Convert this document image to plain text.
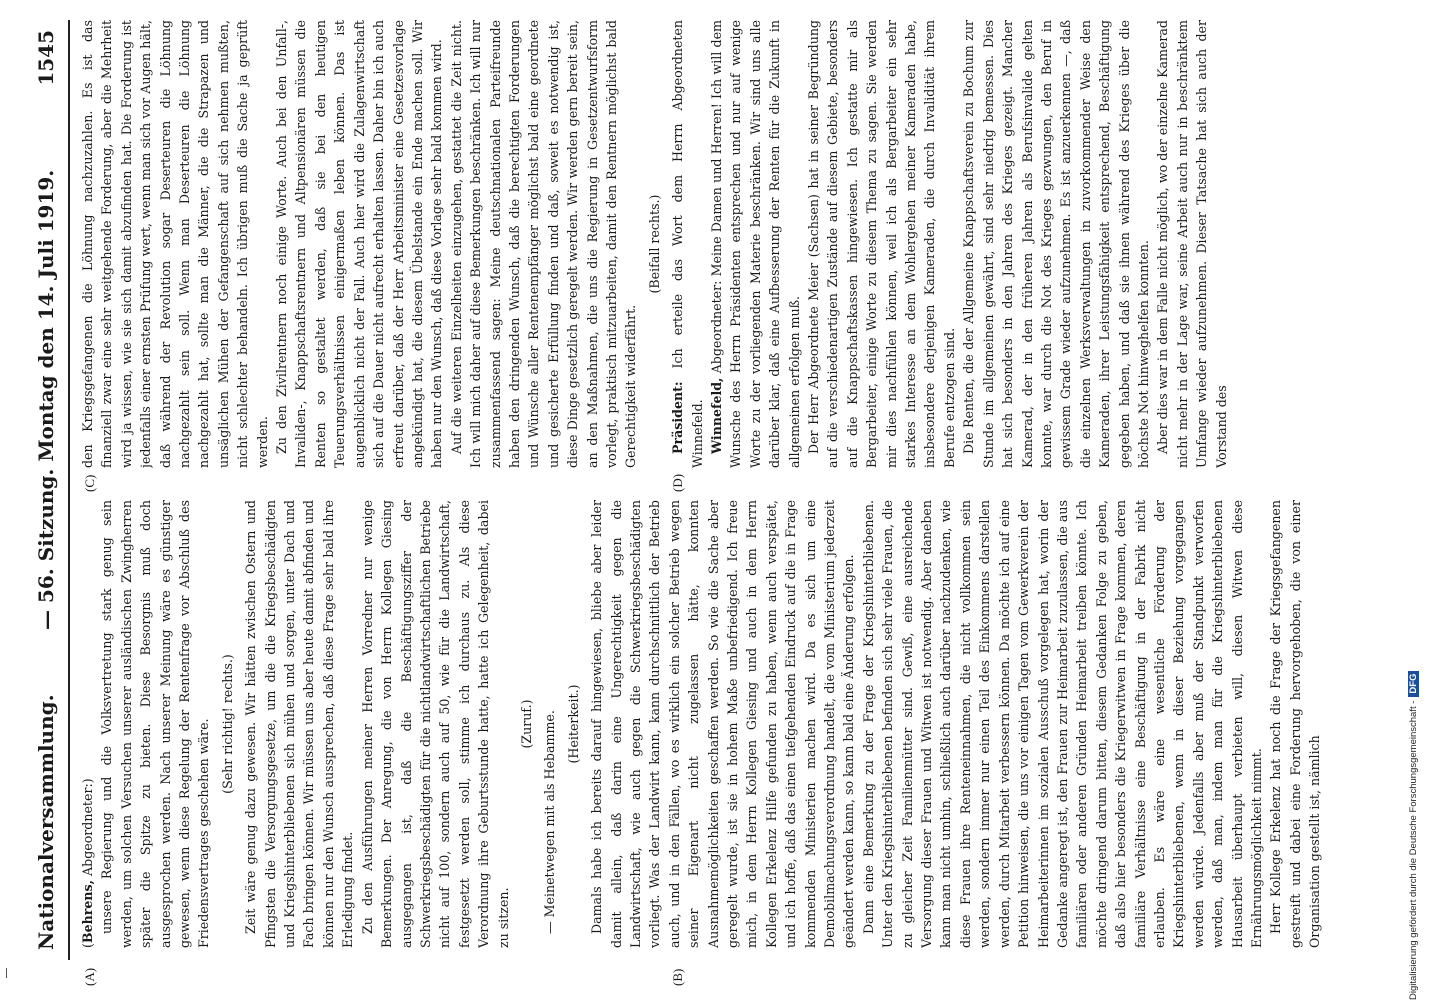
Nationalversammlung.
— 56. Sitzung. Montag den 14. Juli 1919.
1545
(A)	(B)
(C)	(D)

(Behrens, Abgeordneter:) unsere Regierung und die Volksvertretung stark genug sein werden, um solchen Versuchen unserer ausländischen Zwingherren später die Spitze zu bieten. Diese Besorgnis muß doch ausgesprochen werden. Nach unserer Meinung wäre es günstiger gewesen, wenn diese Regelung der Rentenfrage vor Abschluß des Friedensvertrages geschehen wäre. (Sehr richtig! rechts.) Zeit wäre genug dazu gewesen. Wir hätten zwischen Ostern und Pfingsten die Versorgungsgesetze, um die die Kriegsbeschädigten und Kriegshinterbliebenen sich mühen und sorgen, unter Dach und Fach bringen können. Wir müssen uns aber heute damit abfinden und können nur den Wunsch aussprechen, daß diese Frage sehr bald ihre Erledigung findet. Zu den Ausführungen meiner Herren Vorredner nur wenige Bemerkungen. Der Anregung, die von Herrn Kollegen Giesing ausgegangen ist, daß die Beschäftigungsziffer der Schwerkriegsbeschädigten für die nichtlandwirtschaftlichen Betriebe nicht auf 100, sondern auch auf 50, wie für die Landwirtschaft, festgesetzt werden soll, stimme ich durchaus zu. Als diese Verordnung ihre Geburtsstunde hatte, hatte ich Gelegenheit, dabei zu sitzen.

(Zuruf.) — Meinetwegen mit als Hebamme. (Heiterkeit.) Damals habe ich bereits darauf hingewiesen, bliebe aber leider damit allein, daß darin eine Ungerechtigkeit gegen die Landwirtschaft, wie auch gegen die Schwerkriegsbeschädigten vorliegt. Was der Landwirt kann, kann durchschnittlich der Betrieb auch, und in den Fällen, wo es wirklich ein solcher Betrieb wegen seiner Eigenart nicht zugelassen hätte, konnten Ausnahmemöglichkeiten geschaffen werden. So wie die Sache aber geregelt wurde, ist sie in hohem Maße unbefriedigend. Ich freue mich, in dem Herrn Kollegen Giesing und auch in dem Herrn Kollegen Erkelenz Hilfe gefunden zu haben, wenn auch verspätet, und ich hoffe, daß das einen tiefgehenden Eindruck auf die in Frage kommenden Ministerien machen wird. Da es sich um eine Demobilmachungsverordnung handelt, die vom Ministerium jederzeit geändert werden kann, so kann bald eine Änderung erfolgen. Dann eine Bemerkung zu der Frage der Kriegshinterbliebenen. Unter den Kriegshinterbliebenen befinden sich sehr viele Frauen, die zu gleicher Zeit Familienmütter sind. Gewiß, eine ausreichende Versorgung dieser Frauen und Witwen ist notwendig. Aber daneben kann man nicht umhin, schließlich auch darüber nachzudenken, wie diese Frauen ihre Renteneinnahmen, die nicht vollkommen sein werden, sondern immer nur einen Teil des Einkommens darstellen werden, durch Mitarbeit verbessern können. Da möchte ich auf eine Petition hinweisen, die uns vor einigen Tagen vom Gewerkverein der Heimarbeiterinnen im sozialen Ausschuß vorgelegen hat, worin der Gedanke angeregt ist, den Frauen zur Heimarbeit zuzulassen, die aus familiären oder anderen Gründen Heimarbeit treiben könnte. Ich möchte dringend darum bitten, diesem Gedanken Folge zu geben, daß also hier besonders die Kriegerwitwen in Frage kommen, deren familiäre Verhältnisse eine Beschäftigung in der Fabrik nicht erlauben. Es wäre eine wesentliche Förderung der Kriegshinterbliebenen, wenn in dieser Beziehung vorgegangen werden würde. Jedenfalls aber muß der Standpunkt verworfen werden, daß man, indem man für die Kriegshinterbliebenen Hausarbeit überhaupt verbieten will, diesen Witwen diese Ernährungsmöglichkeit nimmt. Herr Kollege Erkelenz hat noch die Frage der Kriegsgefangenen gestreift und dabei eine Forderung hervorgehoben, die von einer Organisation gestellt ist, nämlich

den Kriegsgefangenen die Löhnung nachzuzahlen. Es ist das finanziell zwar eine sehr weitgehende Forderung, aber die Mehrheit wird ja wissen, wie sie sich damit abzufinden hat. Die Forderung ist jedenfalls einer ernsten Prüfung wert, wenn man sich vor Augen hält, daß während der Revolution sogar Deserteuren die Löhnung nachgezahlt sein soll. Wenn man Deserteuren die Löhnung nachgezahlt hat, sollte man die Männer, die die Strapazen und unsäglichen Mühen der Gefangenschaft auf sich nehmen mußten, nicht schlechter behandeln. Ich übrigen muß die Sache ja geprüft werden. Zu den Zivilrentnern noch einige Worte. Auch bei den Unfall-, Invaliden-, Knappschaftsrentnern und Altpensionären müssen die Renten so gestaltet werden, daß sie bei den heutigen Teuerungsverhältnissen einigermaßen leben können. Das ist augenblicklich nicht der Fall. Auch hier wird die Zulagenwirtschaft sich auf die Dauer nicht aufrecht erhalten lassen. Daher bin ich auch erfreut darüber, daß der Herr Arbeitsminister eine Gesetzesvorlage angekündigt hat, die diesem Übelstande ein Ende machen soll. Wir haben nur den Wunsch, daß diese Vorlage sehr bald kommen wird. Auf die weiteren Einzelheiten einzugehen, gestattet die Zeit nicht. Ich will mich daher auf diese Bemerkungen beschränken. Ich will nur zusammenfassend sagen: Meine deutschnationalen Parteifreunde haben den dringenden Wunsch, daß die berechtigten Forderungen und Wünsche aller Rentenempfänger möglichst bald eine geordnete und gesicherte Erfüllung finden und daß, soweit es notwendig ist, diese Dinge gesetzlich geregelt werden. Wir werden gern bereit sein, an den Maßnahmen, die uns die Regierung in Gesetzentwurfsform vorlegt, praktisch mitzuarbeiten, damit den Rentnern möglichst bald Gerechtigkeit widerfährt.

(Beifall rechts.)

Präsident: Ich erteile das Wort dem Herrn Abgeordneten Winnefeld. Winnefeld, Abgeordneter: Meine Damen und Herren! Ich will dem Wunsche des Herrn Präsidenten entsprechen und nur auf wenige Worte zu der vorliegenden Materie beschränken. Wir sind uns alle darüber klar, daß eine Aufbesserung der Renten für die Zukunft in allgemeinen erfolgen muß. Der Herr Abgeordnete Meier (Sachsen) hat in seiner Begründung auf die verschiedenartigen Zustände auf diesem Gebiete, besonders auf die Knappschaftskassen hingewiesen. Ich gestatte mir als Bergarbeiter, einige Worte zu diesem Thema zu sagen. Sie werden mir dies nachfühlen können, weil ich als Bergarbeiter ein sehr starkes Interesse an dem Wohlergehen meiner Kameraden habe, insbesondere derjenigen Kameraden, die durch Invalidität ihrem Berufe entzogen sind. Die Renten, die der Allgemeine Knappschaftsverein zu Bochum zur Stunde im allgemeinen gewährt, sind sehr niedrig bemessen. Dies hat sich besonders in den Jahren des Krieges gezeigt. Mancher Kamerad, der in den früheren Jahren als Berufsinvalide gelten konnte, war durch die Not des Krieges gezwungen, den Beruf in gewissem Grade wieder aufzunehmen. Es ist anzuerkennen —, daß die einzelnen Werksverwaltungen in zuvorkommender Weise den Kameraden, ihrer Leistungsfähigkeit entsprechend, Beschäftigung gegeben haben, und daß sie ihnen während des Krieges über die höchste Not hinweghelfen konnten. Aber dies war in dem Falle nicht möglich, wo der einzelne Kamerad nicht mehr in der Lage war, seine Arbeit auch nur in beschränktem Umfange wieder aufzunehmen. Dieser Tatsache hat sich auch der Vorstand des

Digitalisierung gefördert durch die Deutsche Forschungsgemeinschaft -DFG
